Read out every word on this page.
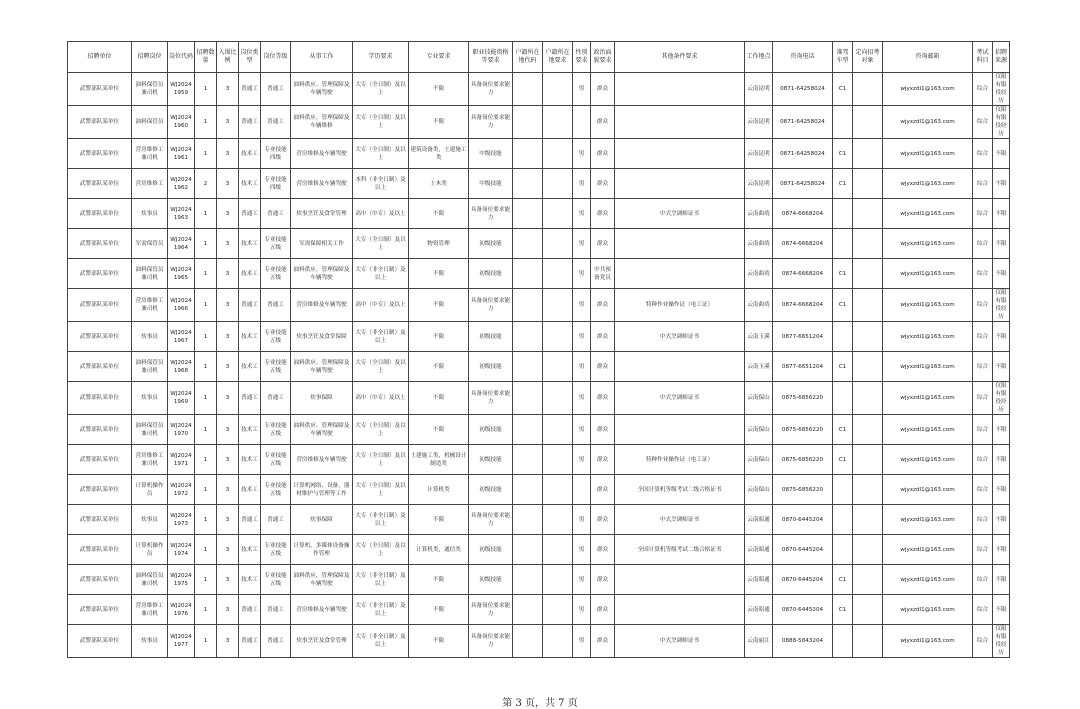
招聘单位	招聘岗位	岗位代码	招聘数量	入围比例	岗位类型	岗位等级	从事工作	学历要求	专业要求	职业技能资格等要求	户籍所在地代码	户籍所在地要求	性别要求	政治面貌要求	其他条件要求	工作地点	咨询电话	准驾车型	定向招考对象	咨询邮箱	考试科目	招聘来源
武警部队某单位	油料保管员兼司机	WJ2024 1959	1	3	普通工	普通工	油料供应、管理保障及车辆驾驶	大专（全日制）及以上	不限	具备岗位要求能力			男	群众		云南昆明	0871-64258024	C1		wjyxzdl1@163.com	综合	仅限有服役经历
武警部队某单位	油料保管员	WJ2024 1960	1	3	普通工	普通工	油料供应、管理保障及车辆维修	大专（全日制）及以上	不限	具备岗位要求能力				群众		云南昆明	0871-64258024			wjyxzdl1@163.com	综合	仅限有服役经历
武警部队某单位	营房维修工兼司机	WJ2024 1961	1	3	技术工	专业技能四级	营房维修及车辆驾驶	大专（全日制）及以上	建筑设备类，土建施工类	中级技能			男	群众		云南昆明	0871-64258024	C1		wjyxzdl1@163.com	综合	不限
武警部队某单位	营房维修工	WJ2024 1962	2	3	技术工	专业技能四级	营房维修及车辆驾驶	本科（非全日制）及以上	土木类	中级技能			男	群众		云南昆明	0871-64258024	C1		wjyxzdl1@163.com	综合	不限
武警部队某单位	炊事员	WJ2024 1963	1	3	普通工	普通工	炊事烹饪及食堂管理	高中（中专）及以上	不限	具备岗位要求能力			男	群众	中式烹调师证书	云南曲靖	0874-6668204			wjyxzdl1@163.com	综合	不限
武警部队某单位	军需保管员	WJ2024 1964	1	3	技术工	专业技能五级	军需保障相关工作	大专（全日制）及以上	物资管理	初级技能			男	群众		云南曲靖	0874-6668204			wjyxzdl1@163.com	综合	不限
武警部队某单位	油料保管员兼司机	WJ2024 1965	1	3	技术工	专业技能五级	油料供应、管理保障及车辆驾驶	大专（非全日制）及以上	不限	初级技能			男	中共预备党员		云南曲靖	0874-6668204	C1		wjyxzdl1@163.com	综合	不限
武警部队某单位	营房维修工兼司机	WJ2024 1966	1	3	普通工	普通工	营房维修及车辆驾驶	高中（中专）及以上	不限	具备岗位要求能力			男	群众	特种作业操作证（电工证）	云南曲靖	0874-6668204	C1		wjyxzdl1@163.com	综合	仅限有服役经历
武警部队某单位	炊事员	WJ2024 1967	1	3	技术工	专业技能五级	炊事烹饪及食堂保障	大专（非全日制）及以上	不限	初级技能			男	群众	中式烹调师证书	云南玉溪	0877-6651204			wjyxzdl1@163.com	综合	不限
武警部队某单位	油料保管员兼司机	WJ2024 1968	1	3	技术工	专业技能五级	油料供应、管理保障及车辆驾驶	大专（全日制）及以上	不限	初级技能			男	群众		云南玉溪	0877-6651204	C1		wjyxzdl1@163.com	综合	不限
武警部队某单位	炊事员	WJ2024 1969	1	3	普通工	普通工	炊事保障	高中（中专）及以上	不限	具备岗位要求能力			男	群众	中式烹调师证书	云南保山	0875-6856220			wjyxzdl1@163.com	综合	仅限有服役经历
武警部队某单位	油料保管员兼司机	WJ2024 1970	1	3	技术工	专业技能五级	油料供应、管理保障及车辆驾驶	大专（全日制）及以上	不限	初级技能			男	群众		云南保山	0875-6856220	C1		wjyxzdl1@163.com	综合	不限
武警部队某单位	营房维修工兼司机	WJ2024 1971	1	3	技术工	专业技能五级	营房维修及车辆驾驶	大专（全日制）及以上	土建施工类，机械设计制造类	初级技能			男	群众	特种作业操作证（电工证）	云南保山	0875-6856220	C1		wjyxzdl1@163.com	综合	不限
武警部队某单位	计算机操作员	WJ2024 1972	1	3	技术工	专业技能五级	计算机网络、设备、器材维护与管理等工作	大专（全日制）及以上	计算机类	初级技能				群众	全国计算机等级考试二级合格证书	云南保山	0875-6856220			wjyxzdl1@163.com	综合	不限
武警部队某单位	炊事员	WJ2024 1973	1	3	普通工	普通工	炊事保障	大专（非全日制）及以上	不限	具备岗位要求能力			男	群众	中式烹调师证书	云南昭通	0870-6445204			wjyxzdl1@163.com	综合	不限
武警部队某单位	计算机操作员	WJ2024 1974	1	3	技术工	专业技能五级	计算机、多媒体设备操作管理	大专（全日制）及以上	计算机类，通信类	初级技能			男	群众	全国计算机等级考试二级合格证书	云南昭通	0870-6445204			wjyxzdl1@163.com	综合	不限
武警部队某单位	油料保管员兼司机	WJ2024 1975	1	3	技术工	专业技能五级	油料供应、管理保障及车辆驾驶	大专（非全日制）及以上	不限	初级技能			男	群众		云南昭通	0870-6445204	C1		wjyxzdl1@163.com	综合	不限
武警部队某单位	营房维修工兼司机	WJ2024 1976	1	3	普通工	普通工	营房维修及车辆驾驶	大专（非全日制）及以上	不限	具备岗位要求能力			男	群众		云南昭通	0870-6445204	C1		wjyxzdl1@163.com	综合	不限
武警部队某单位	炊事员	WJ2024 1977	1	3	普通工	普通工	炊事烹饪及食堂管理	大专（非全日制）及以上	不限	具备岗位要求能力			男	群众	中式烹调师证书	云南丽江	0888-5843204			wjyxzdl1@163.com	综合	仅限有服役经历
第 3 页，共 7 页
